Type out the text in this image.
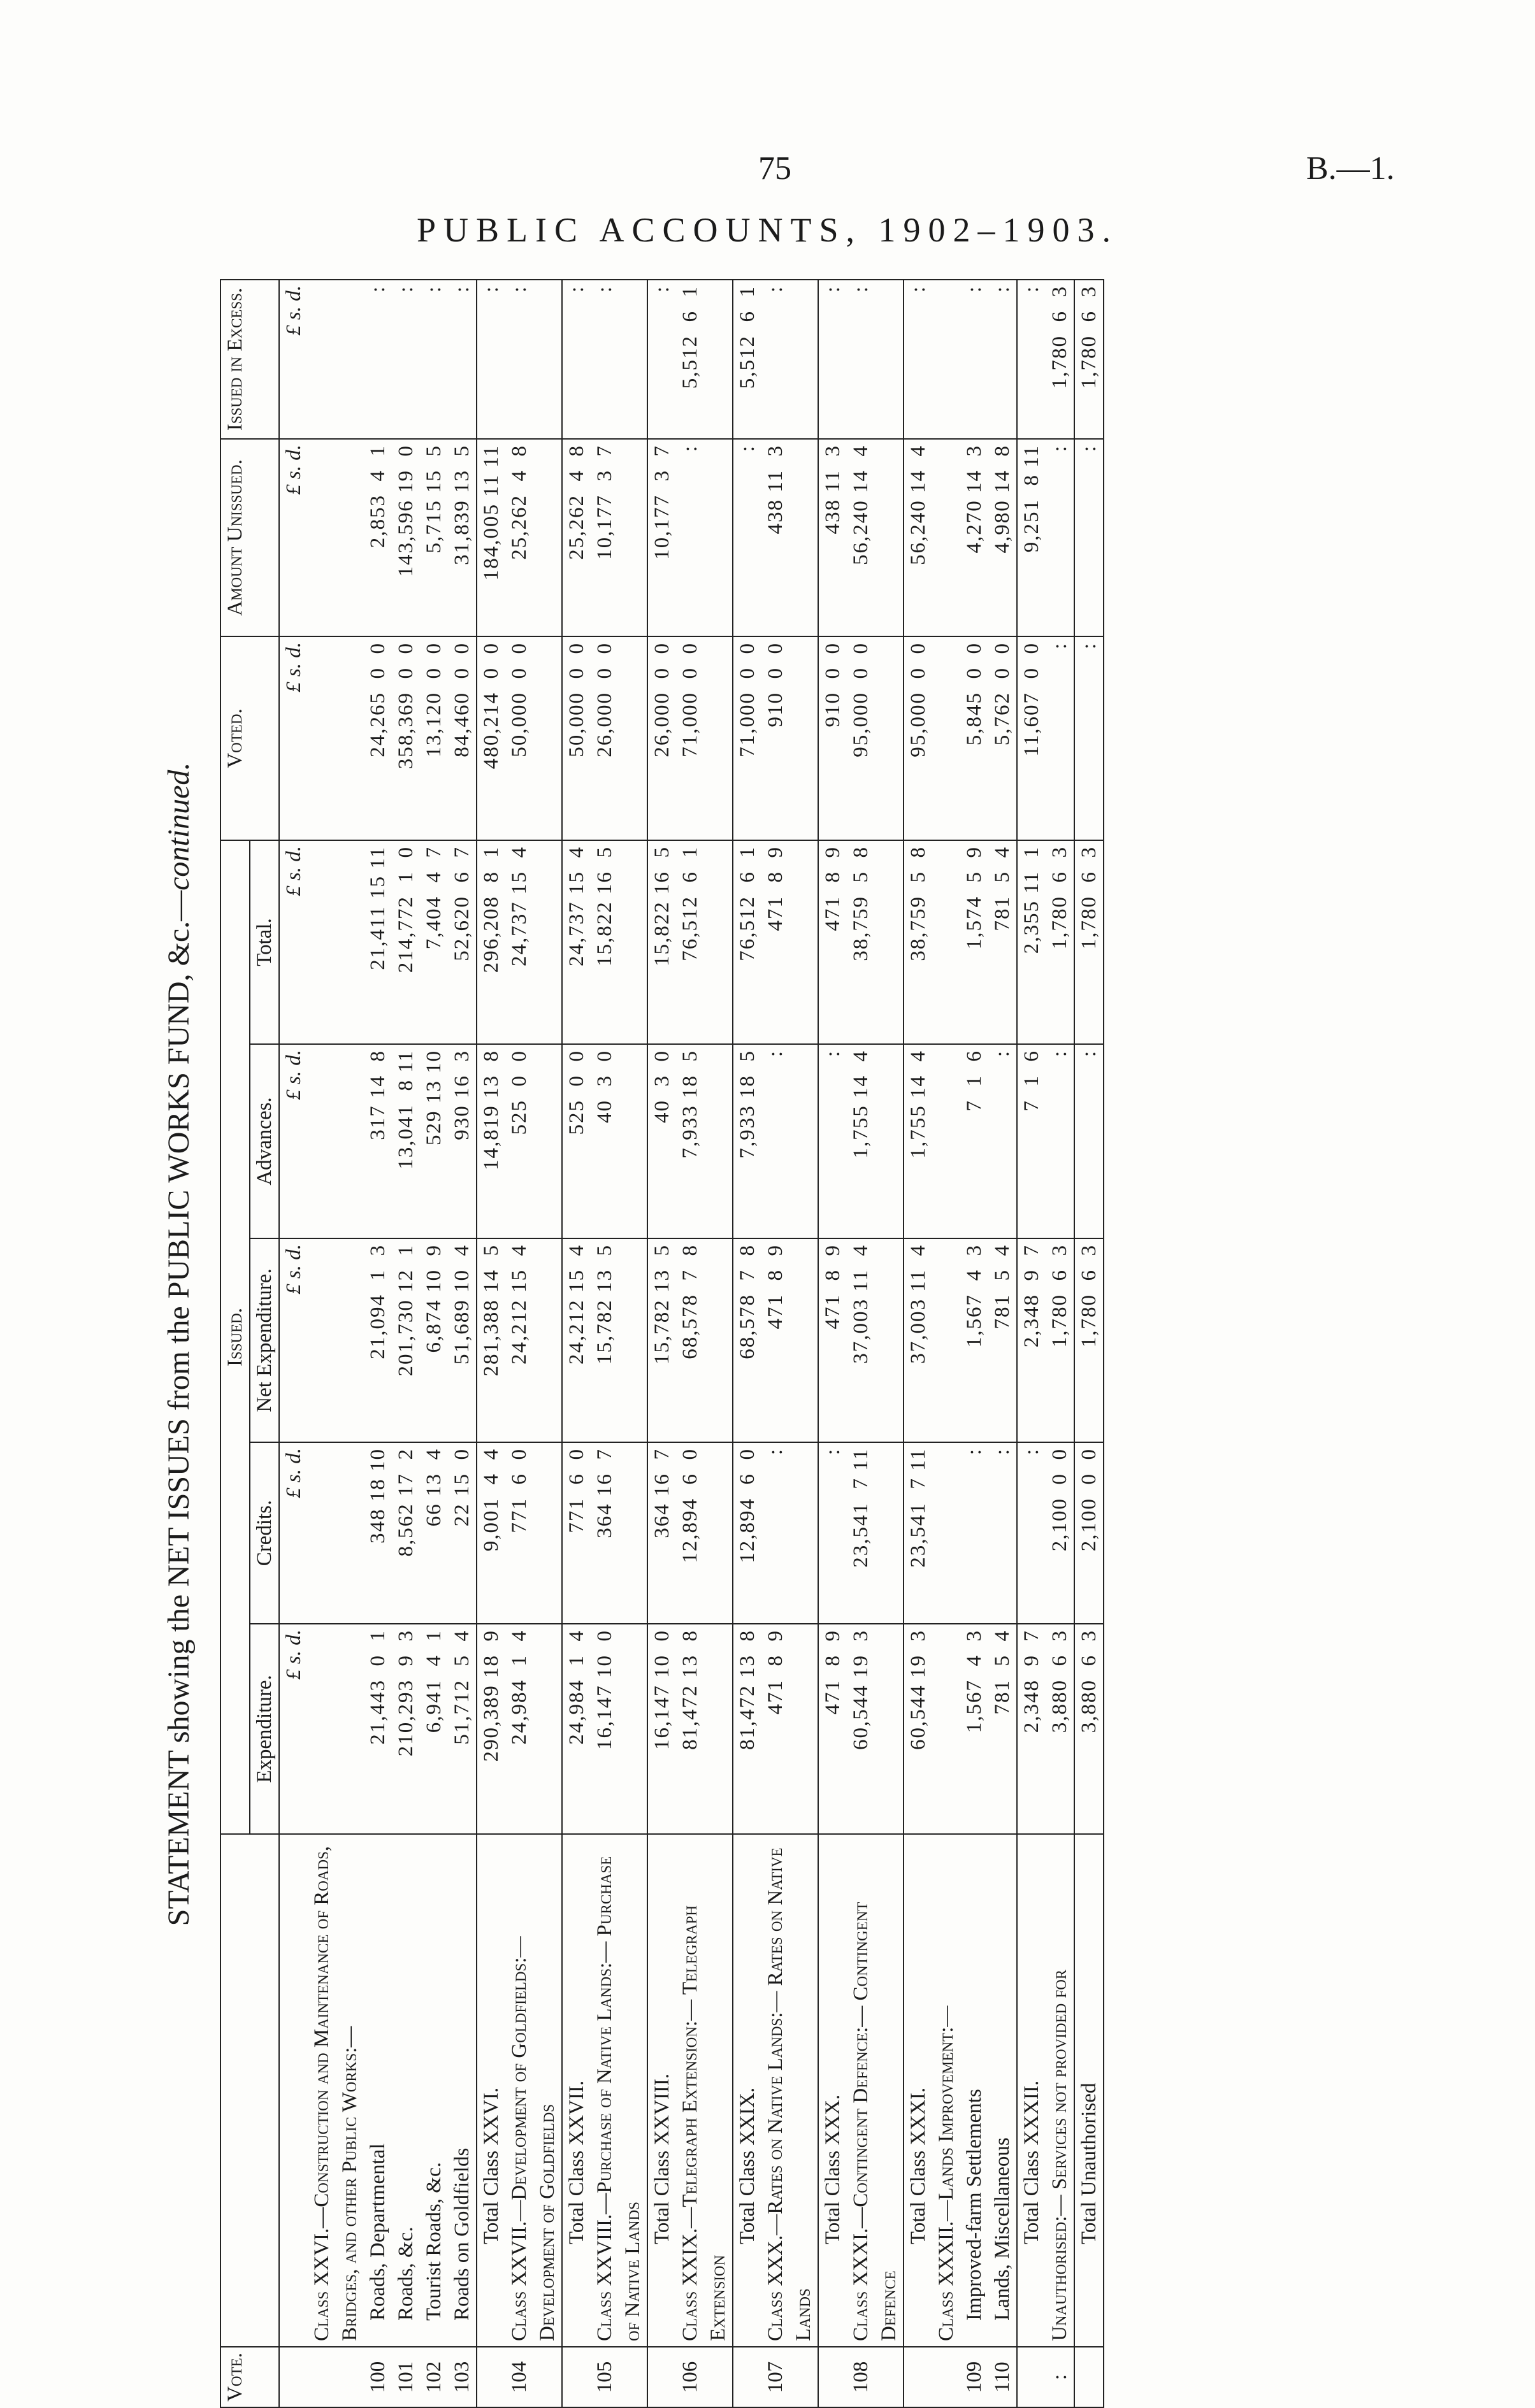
75	B.—1.
PUBLIC ACCOUNTS, 1902–1903.
STATEMENT showing the NET ISSUES from the PUBLIC WORKS FUND, &c.—continued.
Vote.		Issued.					Voted.	Amount Unissued.	Issued in Excess.
		Expenditure.	Credits.	Net Expenditure.	Advances.	Total.			
		£ s. d.	£ s. d.	£ s. d.	£ s. d.	£ s. d.	£ s. d.	£ s. d.	£ s. d.
	Class XXVI.—Construction and Maintenance of Roads, Bridges, and other Public Works:—								
100	Roads, Departmental	21,443  0  1	348 18 10	21,094  1  3	317 14  8	21,411 15 11	24,265  0  0	2,853  4  1	:
101	Roads, &c.	210,293  9  3	8,562 17  2	201,730 12  1	13,041  8 11	214,772  1  0	358,369  0  0	143,596 19  0	:
102	Tourist Roads, &c.	6,941  4  1	66 13  4	6,874 10  9	529 13 10	7,404  4  7	13,120  0  0	5,715 15  5	:
103	Roads on Goldfields	51,712  5  4	22 15  0	51,689 10  4	930 16  3	52,620  6  7	84,460  0  0	31,839 13  5	:
	Total Class XXVI.	290,389 18  9	9,001  4  4	281,388 14  5	14,819 13  8	296,208  8  1	480,214  0  0	184,005 11 11	:
104	Class XXVII.—Development of Goldfields:— Development of Goldfields	24,984  1  4	771  6  0	24,212 15  4	525  0  0	24,737 15  4	50,000  0  0	25,262  4  8	:
	Total Class XXVII.	24,984  1  4	771  6  0	24,212 15  4	525  0  0	24,737 15  4	50,000  0  0	25,262  4  8	:
105	Class XXVIII.—Purchase of Native Lands:— Purchase of Native Lands	16,147 10  0	364 16  7	15,782 13  5	40  3  0	15,822 16  5	26,000  0  0	10,177  3  7	:
	Total Class XXVIII.	16,147 10  0	364 16  7	15,782 13  5	40  3  0	15,822 16  5	26,000  0  0	10,177  3  7	:
106	Class XXIX.—Telegraph Extension:— Telegraph Extension	81,472 13  8	12,894  6  0	68,578  7  8	7,933 18  5	76,512  6  1	71,000  0  0	:	5,512  6  1
	Total Class XXIX.	81,472 13  8	12,894  6  0	68,578  7  8	7,933 18  5	76,512  6  1	71,000  0  0	:	5,512  6  1
107	Class XXX.—Rates on Native Lands:— Rates on Native Lands	471  8  9	:	471  8  9	:	471  8  9	910  0  0	438 11  3	:
	Total Class XXX.	471  8  9	:	471  8  9	:	471  8  9	910  0  0	438 11  3	:
108	Class XXXI.—Contingent Defence:— Contingent Defence	60,544 19  3	23,541  7 11	37,003 11  4	1,755 14  4	38,759  5  8	95,000  0  0	56,240 14  4	:
	Total Class XXXI.	60,544 19  3	23,541  7 11	37,003 11  4	1,755 14  4	38,759  5  8	95,000  0  0	56,240 14  4	:
	Class XXXII.—Lands Improvement:—								
109	Improved-farm Settlements	1,567  4  3	:	1,567  4  3	7  1  6	1,574  5  9	5,845  0  0	4,270 14  3	:
110	Lands, Miscellaneous	781  5  4	:	781  5  4	:	781  5  4	5,762  0  0	4,980 14  8	:
	Total Class XXXII.	2,348  9  7	:	2,348  9  7	7  1  6	2,355 11  1	11,607  0  0	9,251  8 11	:
:	Unauthorised:— Services not provided for	3,880  6  3	2,100  0  0	1,780  6  3	:	1,780  6  3	:	:	1,780  6  3
	Total Unauthorised	3,880  6  3	2,100  0  0	1,780  6  3	:	1,780  6  3	:	:	1,780  6  3
